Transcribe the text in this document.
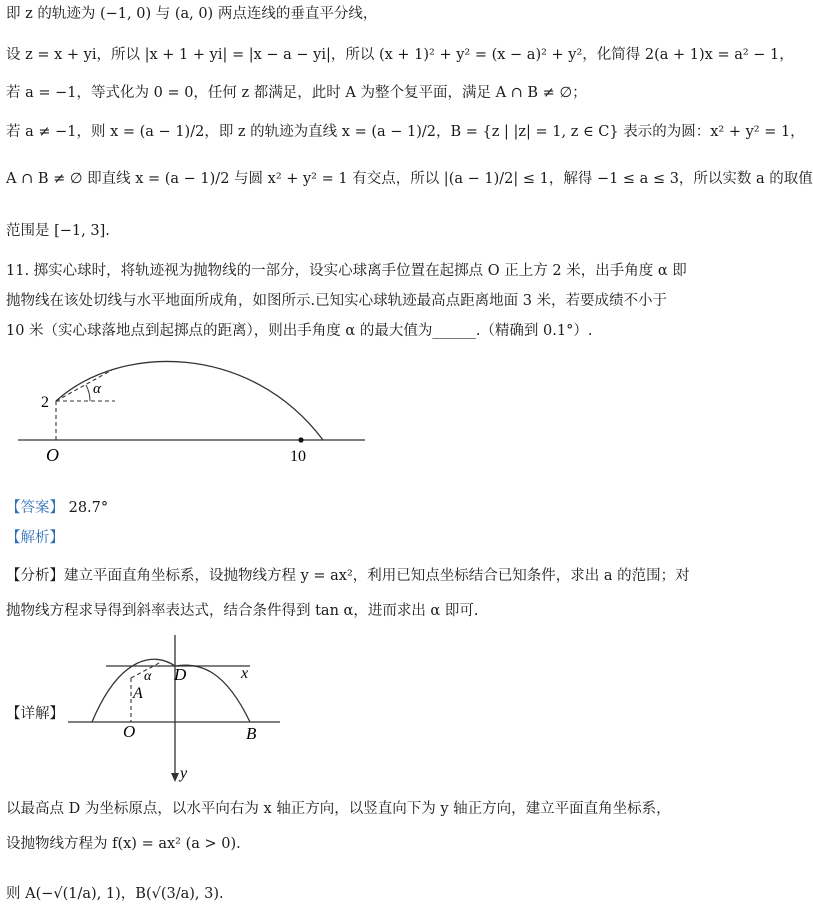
即 z 的轨迹为 (−1, 0) 与 (a, 0) 两点连线的垂直平分线，
设 z = x + yi，所以 |x + 1 + yi| = |x − a − yi|，所以 (x + 1)² + y² = (x − a)² + y²，化简得 2(a + 1)x = a² − 1，
若 a = −1，等式化为 0 = 0，任何 z 都满足，此时 A 为整个复平面，满足 A ∩ B ≠ ∅；
若 a ≠ −1，则 x = (a − 1)/2，即 z 的轨迹为直线 x = (a − 1)/2，B = {z | |z| = 1, z ∈ C} 表示的为圆：x² + y² = 1，
A ∩ B ≠ ∅ 即直线 x = (a − 1)/2 与圆 x² + y² = 1 有交点，所以 |(a − 1)/2| ≤ 1，解得 −1 ≤ a ≤ 3，所以实数 a 的取值
范围是 [−1, 3].
11. 掷实心球时，将轨迹视为抛物线的一部分，设实心球离手位置在起掷点 O 正上方 2 米，出手角度 α 即
抛物线在该处切线与水平地面所成角，如图所示.已知实心球轨迹最高点距离地面 3 米，若要成绩不小于
10 米（实心球落地点到起掷点的距离），则出手角度 α 的最大值为______.（精确到 0.1°）.
2
α
O	10
【答案】 28.7°
【解析】
【分析】建立平面直角坐标系，设抛物线方程 y = ax²，利用已知点坐标结合已知条件，求出 a 的范围；对
抛物线方程求导得到斜率表达式，结合条件得到 tan α，进而求出 α 即可.
【详解】
D	x
A
α
O	B
y
以最高点 D 为坐标原点，以水平向右为 x 轴正方向，以竖直向下为 y 轴正方向，建立平面直角坐标系，
设抛物线方程为 f(x) = ax² (a > 0).
则 A(−√(1/a), 1)，B(√(3/a), 3).
